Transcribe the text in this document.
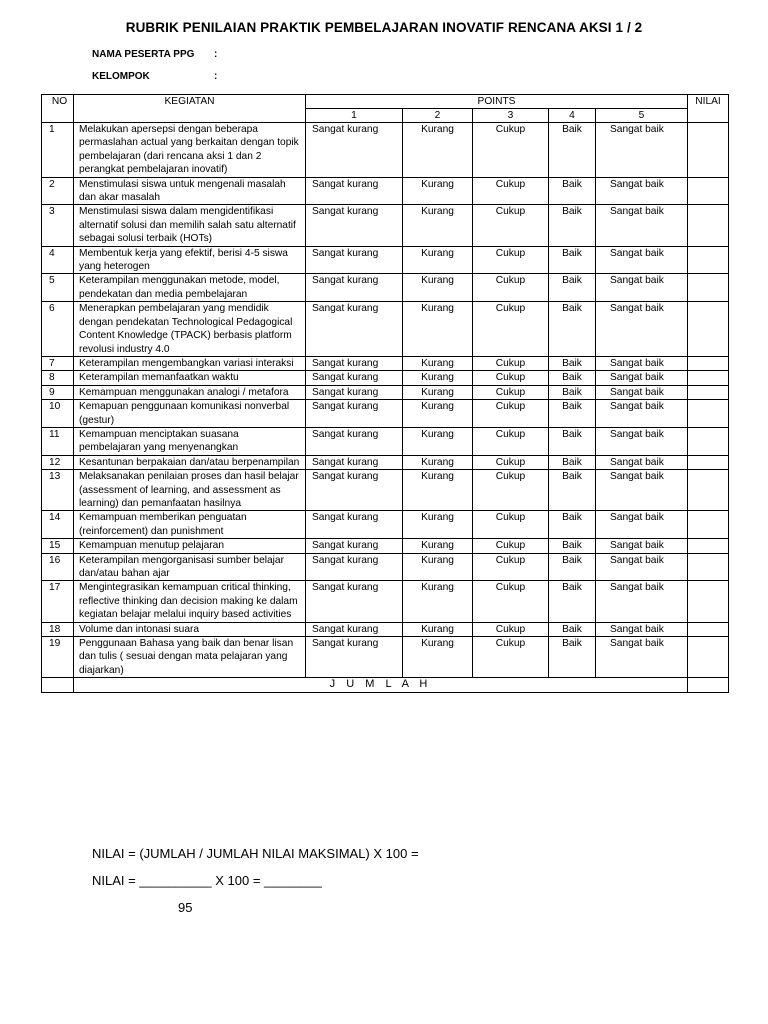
RUBRIK PENILAIAN PRAKTIK PEMBELAJARAN INOVATIF RENCANA AKSI 1 / 2
NAMA PESERTA PPG :
KELOMPOK	:
NO	KEGIATAN	POINTS					NILAI
		1	2	3	4	5	
1	Melakukan apersepsi dengan beberapa permaslahan actual yang berkaitan dengan topik pembelajaran (dari rencana aksi 1 dan 2 perangkat pembelajaran inovatif)	Sangat kurang	Kurang	Cukup	Baik	Sangat baik	
2	Menstimulasi siswa untuk mengenali masalah dan akar masalah	Sangat kurang	Kurang	Cukup	Baik	Sangat baik	
3	Menstimulasi siswa dalam mengidentifikasi alternatif solusi dan memilih salah satu alternatif sebagai solusi terbaik (HOTs)	Sangat kurang	Kurang	Cukup	Baik	Sangat baik	
4	Membentuk kerja yang efektif, berisi 4-5 siswa yang heterogen	Sangat kurang	Kurang	Cukup	Baik	Sangat baik	
5	Keterampilan menggunakan metode, model, pendekatan dan media pembelajaran	Sangat kurang	Kurang	Cukup	Baik	Sangat baik	
6	Menerapkan pembelajaran yang mendidik dengan pendekatan Technological Pedagogical Content Knowledge (TPACK) berbasis platform revolusi industry 4.0	Sangat kurang	Kurang	Cukup	Baik	Sangat baik	
7	Keterampilan mengembangkan variasi interaksi	Sangat kurang	Kurang	Cukup	Baik	Sangat baik	
8	Keterampilan memanfaatkan waktu	Sangat kurang	Kurang	Cukup	Baik	Sangat baik	
9	Kemampuan menggunakan analogi / metafora	Sangat kurang	Kurang	Cukup	Baik	Sangat baik	
10	Kemapuan penggunaan komunikasi nonverbal (gestur)	Sangat kurang	Kurang	Cukup	Baik	Sangat baik	
11	Kemampuan menciptakan suasana pembelajaran yang menyenangkan	Sangat kurang	Kurang	Cukup	Baik	Sangat baik	
12	Kesantunan berpakaian dan/atau berpenampilan	Sangat kurang	Kurang	Cukup	Baik	Sangat baik	
13	Melaksanakan penilaian proses dan hasil belajar (assessment of learning, and assessment as learning) dan pemanfaatan hasilnya	Sangat kurang	Kurang	Cukup	Baik	Sangat baik	
14	Kemampuan memberikan penguatan (reinforcement) dan punishment	Sangat kurang	Kurang	Cukup	Baik	Sangat baik	
15	Kemampuan menutup pelajaran	Sangat kurang	Kurang	Cukup	Baik	Sangat baik	
16	Keterampilan mengorganisasi sumber belajar dan/atau bahan ajar	Sangat kurang	Kurang	Cukup	Baik	Sangat baik	
17	Mengintegrasikan kemampuan critical thinking, reflective thinking dan decision making ke dalam kegiatan belajar melalui inquiry based activities	Sangat kurang	Kurang	Cukup	Baik	Sangat baik	
18	Volume dan intonasi suara	Sangat kurang	Kurang	Cukup	Baik	Sangat baik	
19	Penggunaan Bahasa yang baik dan benar lisan dan tulis ( sesuai dengan mata pelajaran yang diajarkan)	Sangat kurang	Kurang	Cukup	Baik	Sangat baik	
	J U M L A H						
NILAI = (JUMLAH / JUMLAH NILAI MAKSIMAL) X 100 =
NILAI = __________ X 100 = ________
95
